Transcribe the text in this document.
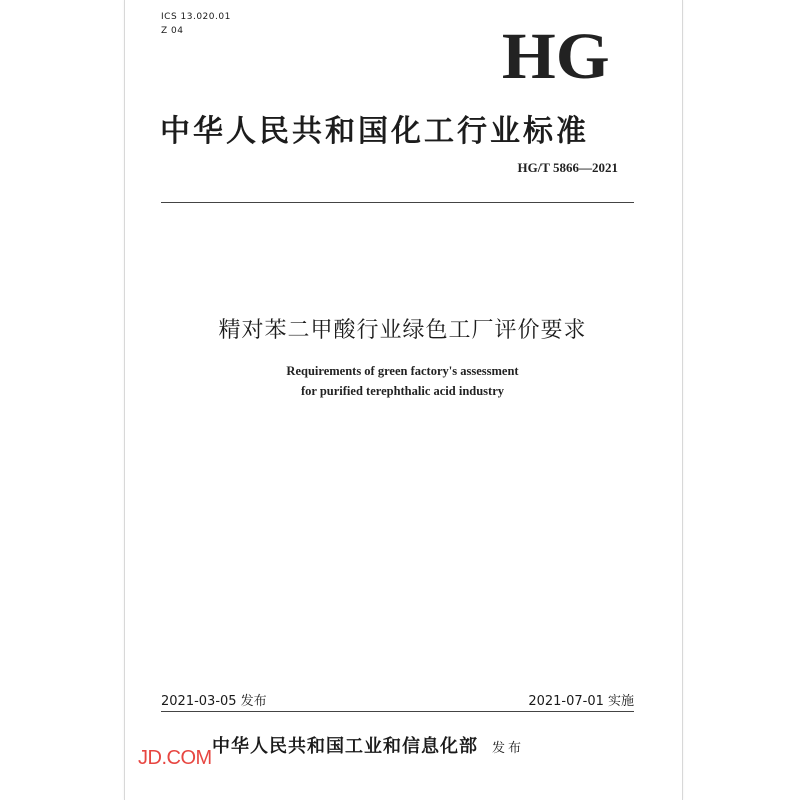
ICS 13.020.01
Z 04	HG
中华人民共和国化工行业标准
HG/T 5866—2021
精对苯二甲酸行业绿色工厂评价要求
Requirements of green factory's assessment
for purified terephthalic acid industry
2021-03-05 发布	2021-07-01 实施
中华人民共和国工业和信息化部 发布
JD.COM
